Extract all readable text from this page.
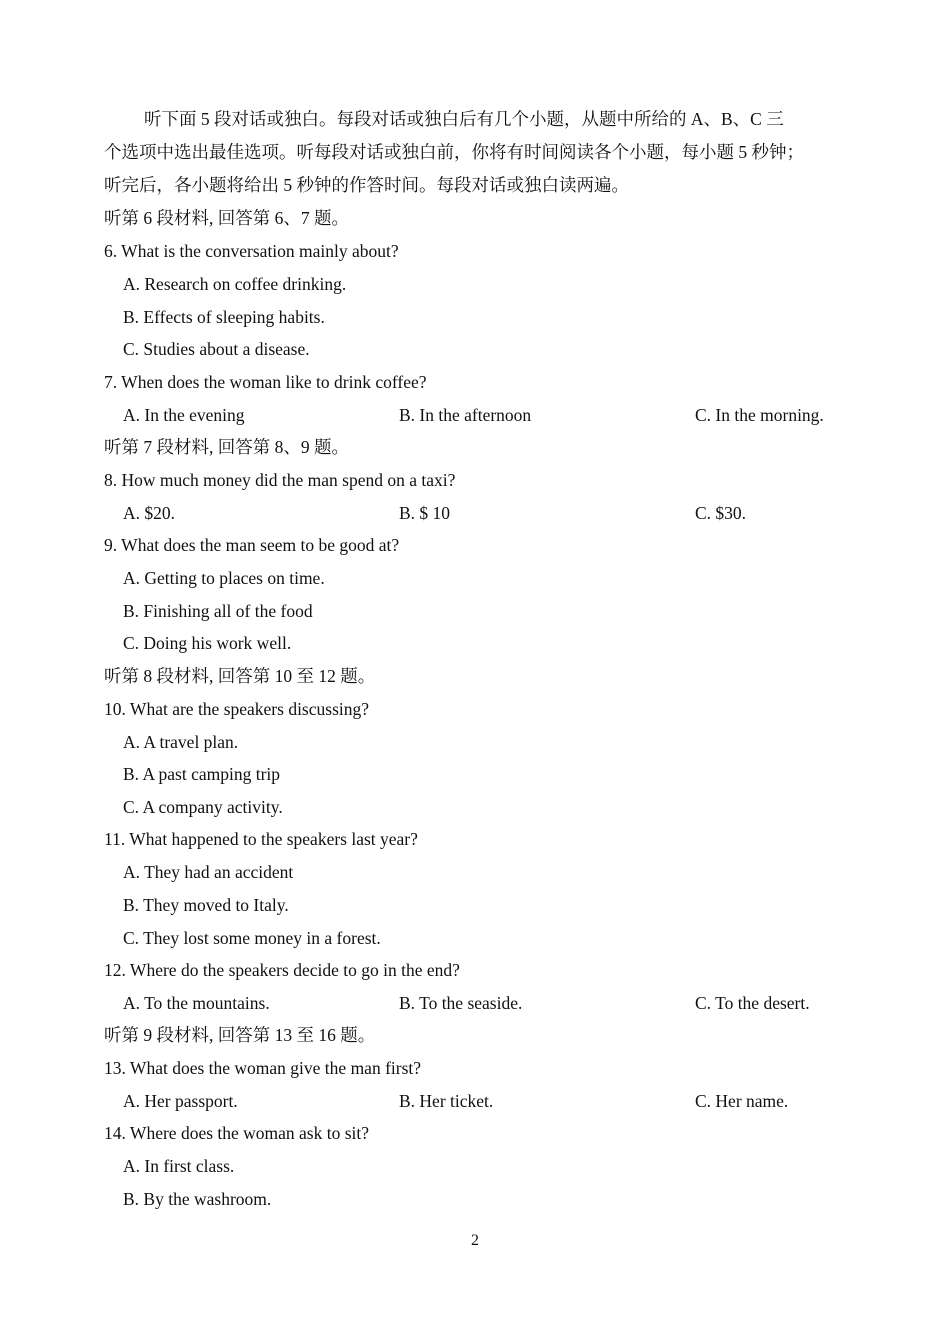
听下面 5 段对话或独白。每段对话或独白后有几个小题，从题中所给的 A、B、C 三
个选项中选出最佳选项。听每段对话或独白前，你将有时间阅读各个小题，每小题 5 秒钟；
听完后，各小题将给出 5 秒钟的作答时间。每段对话或独白读两遍。
听第 6 段材料, 回答第 6、7 题。
6. What is the conversation mainly about?
A. Research on coffee drinking.
B. Effects of sleeping habits.
C. Studies about a disease.
7. When does the woman like to drink coffee?
A. In the evening	B. In the afternoon	C. In the morning.
听第 7 段材料, 回答第 8、9 题。
8. How much money did the man spend on a taxi?
A. $20.	B. $ 10	C. $30.
9. What does the man seem to be good at?
A. Getting to places on time.
B. Finishing all of the food
C. Doing his work well.
听第 8 段材料, 回答第 10 至 12 题。
10. What are the speakers discussing?
A. A travel plan.
B. A past camping trip
C. A company activity.
11. What happened to the speakers last year?
A. They had an accident
B. They moved to Italy.
C. They lost some money in a forest.
12. Where do the speakers decide to go in the end?
A. To the mountains.	B. To the seaside.	C. To the desert.
听第 9 段材料, 回答第 13 至 16 题。
13. What does the woman give the man first?
A. Her passport.	B. Her ticket.	C. Her name.
14. Where does the woman ask to sit?
A. In first class.
B. By the washroom.
2
